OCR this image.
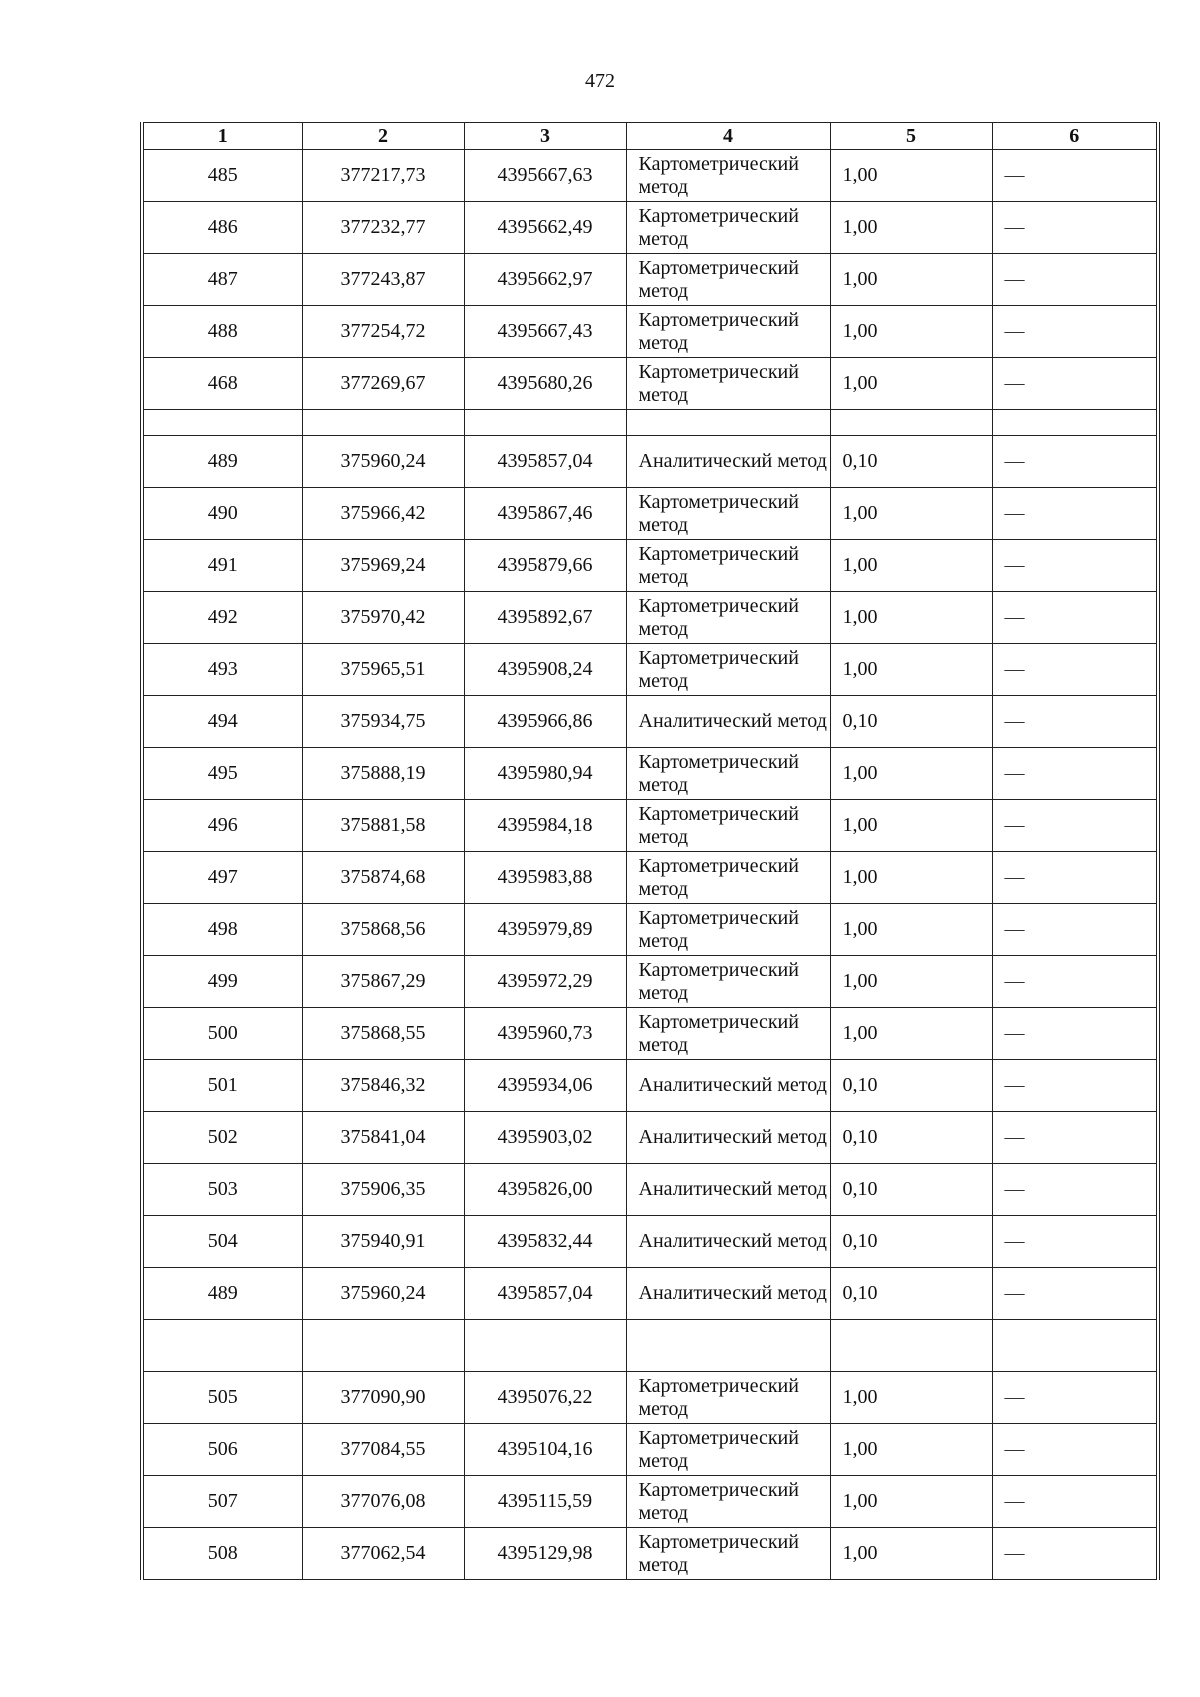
472
1	2	3	4	5	6
485	377217,73	4395667,63	Картометрический метод	1,00	—
486	377232,77	4395662,49	Картометрический метод	1,00	—
487	377243,87	4395662,97	Картометрический метод	1,00	—
488	377254,72	4395667,43	Картометрический метод	1,00	—
468	377269,67	4395680,26	Картометрический метод	1,00	—

489	375960,24	4395857,04	Аналитический метод	0,10	—
490	375966,42	4395867,46	Картометрический метод	1,00	—
491	375969,24	4395879,66	Картометрический метод	1,00	—
492	375970,42	4395892,67	Картометрический метод	1,00	—
493	375965,51	4395908,24	Картометрический метод	1,00	—
494	375934,75	4395966,86	Аналитический метод	0,10	—
495	375888,19	4395980,94	Картометрический метод	1,00	—
496	375881,58	4395984,18	Картометрический метод	1,00	—
497	375874,68	4395983,88	Картометрический метод	1,00	—
498	375868,56	4395979,89	Картометрический метод	1,00	—
499	375867,29	4395972,29	Картометрический метод	1,00	—
500	375868,55	4395960,73	Картометрический метод	1,00	—
501	375846,32	4395934,06	Аналитический метод	0,10	—
502	375841,04	4395903,02	Аналитический метод	0,10	—
503	375906,35	4395826,00	Аналитический метод	0,10	—
504	375940,91	4395832,44	Аналитический метод	0,10	—
489	375960,24	4395857,04	Аналитический метод	0,10	—

505	377090,90	4395076,22	Картометрический метод	1,00	—
506	377084,55	4395104,16	Картометрический метод	1,00	—
507	377076,08	4395115,59	Картометрический метод	1,00	—
508	377062,54	4395129,98	Картометрический метод	1,00	—
